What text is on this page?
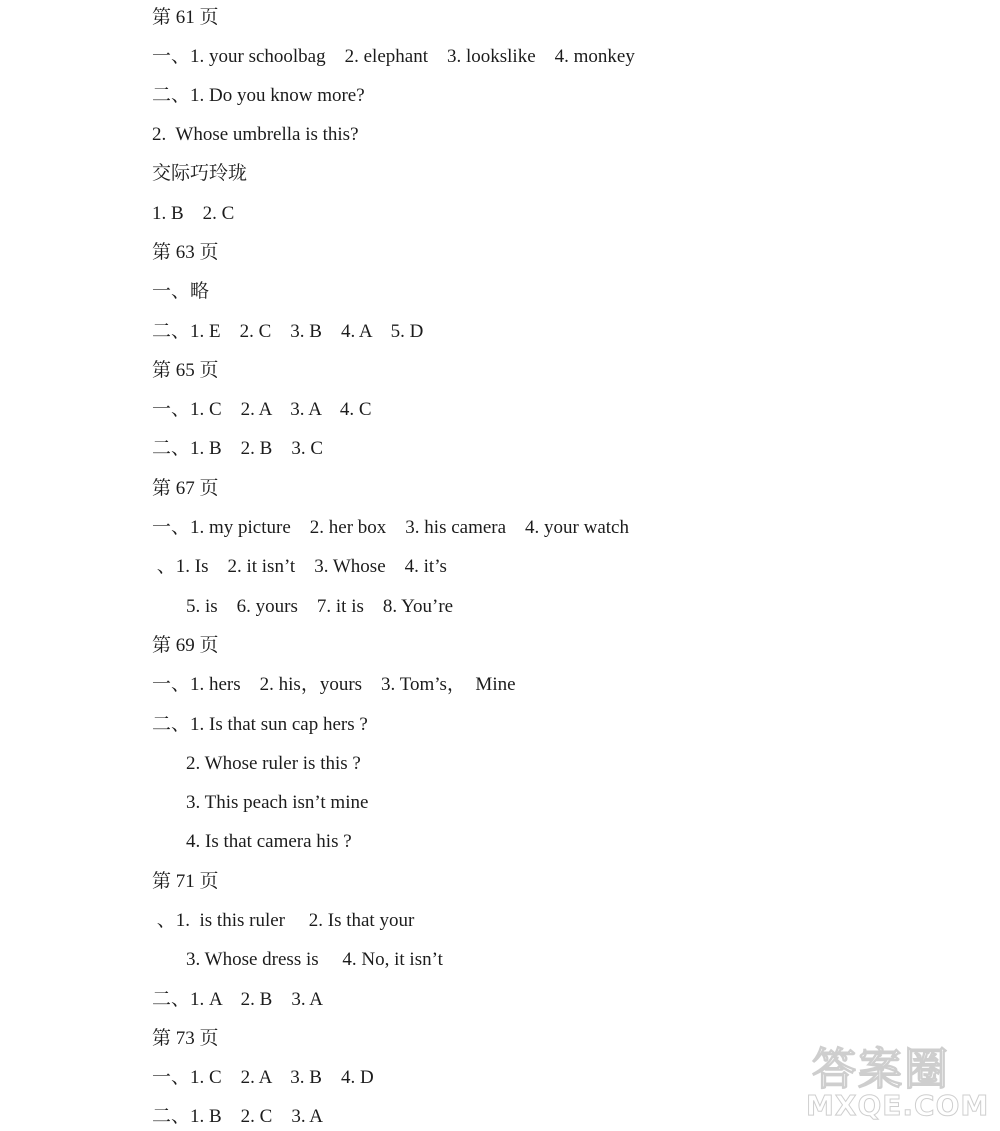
第 61 页
一、1. your schoolbag    2. elephant    3. lookslike    4. monkey
二、1. Do you know more?
2.  Whose umbrella is this?
交际巧玲珑
1. B    2. C
第 63 页
一、略
二、1. E    2. C    3. B    4. A    5. D
第 65 页
一、1. C    2. A    3. A    4. C
二、1. B    2. B    3. C
第 67 页
一、1. my picture    2. her box    3. his camera    4. your watch
、1. Is    2. it isn’t    3. Whose    4. it’s
5. is    6. yours    7. it is    8. You’re
第 69 页
一、1. hers    2. his，yours    3. Tom’s，  Mine
二、1. Is that sun cap hers ?
2. Whose ruler is this ?
3. This peach isn’t mine
4. Is that camera his ?
第 71 页
、1.  is this ruler     2. Is that your
3. Whose dress is     4. No, it isn’t
二、1. A    2. B    3. A
第 73 页
一、1. C    2. A    3. B    4. D
二、1. B    2. C    3. A
答案圈
MXQE.COM
